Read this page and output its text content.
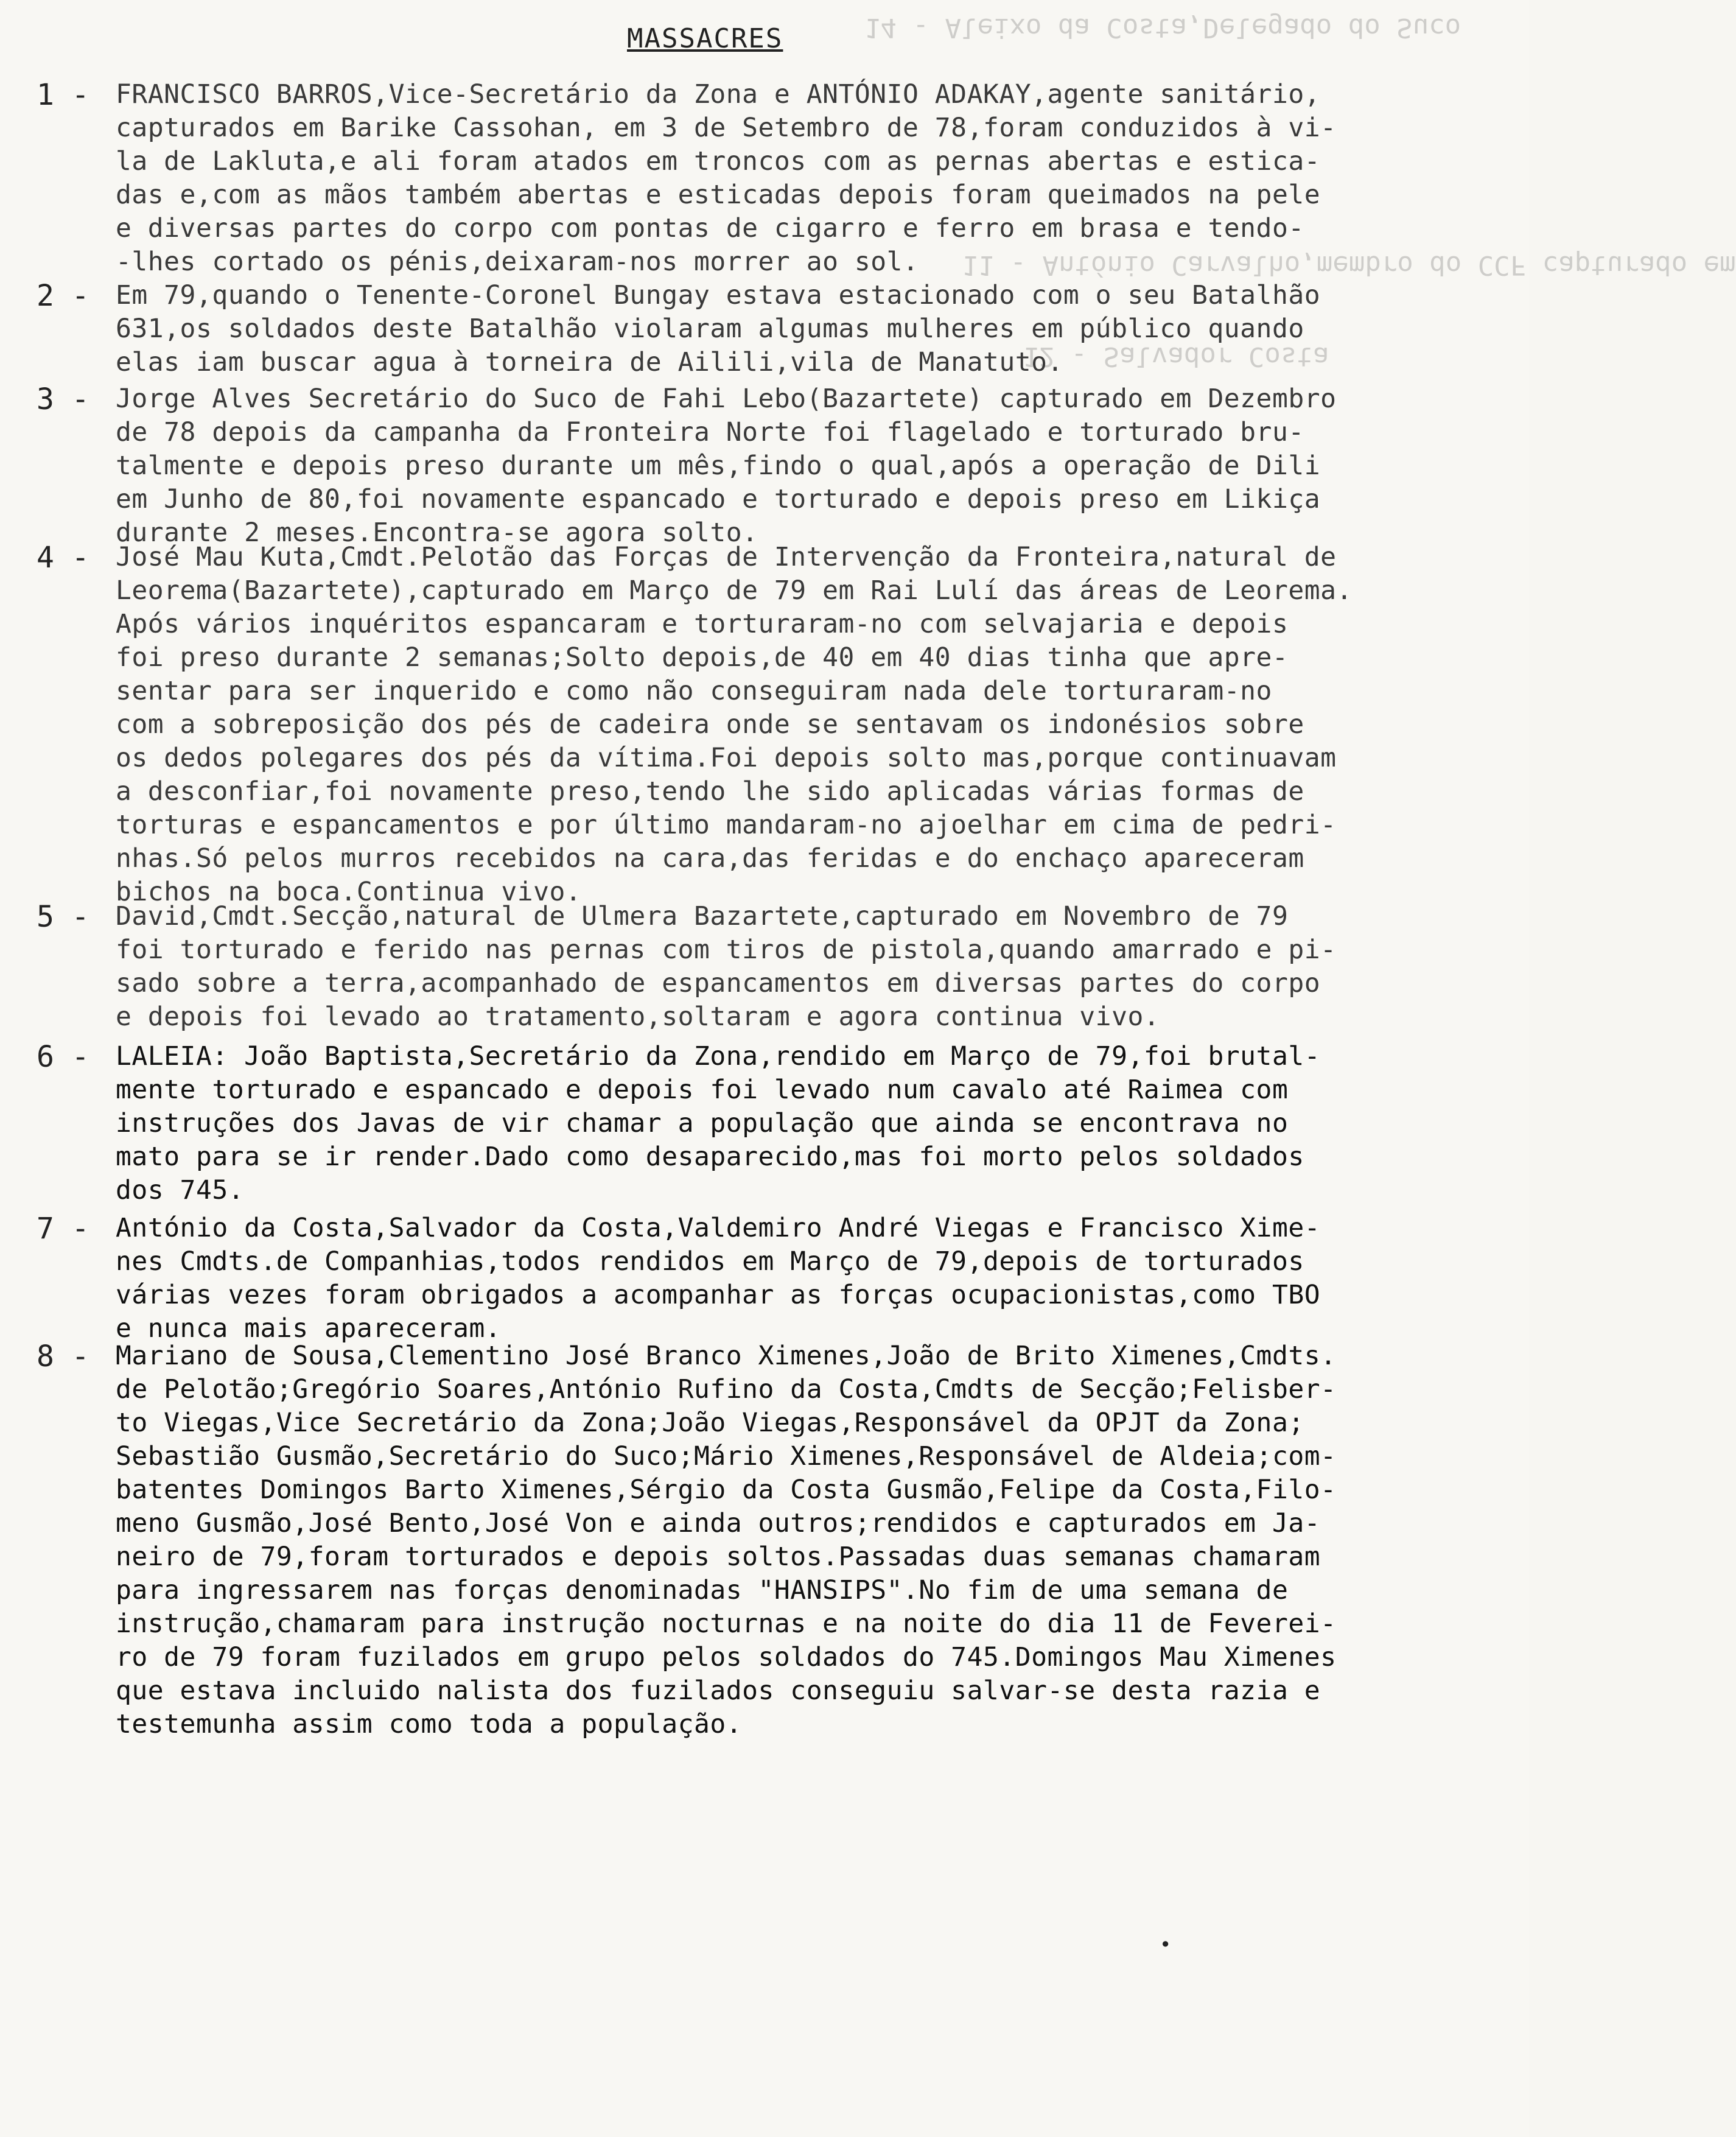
14 - Aleixo da Costa,Delegado do Suco
11 - António Carvalho,membro do CCF capturado em
12 - Salvador Costa
MASSACRES
1 - FRANCISCO BARROS,Vice-Secretário da Zona e ANTÓNIO ADAKAY,agente sanitário,
capturados em Barike Cassohan, em 3 de Setembro de 78,foram conduzidos à vi-
la de Lakluta,e ali foram atados em troncos com as pernas abertas e estica-
das e,com as mãos também abertas e esticadas depois foram queimados na pele
e diversas partes do corpo com pontas de cigarro e ferro em brasa e tendo-
-lhes cortado os pénis,deixaram-nos morrer ao sol.
2 - Em 79,quando o Tenente-Coronel Bungay estava estacionado com o seu Batalhão
631,os soldados deste Batalhão violaram algumas mulheres em público quando
elas iam buscar agua à torneira de Ailili,vila de Manatuto.
3 - Jorge Alves Secretário do Suco de Fahi Lebo(Bazartete) capturado em Dezembro
de 78 depois da campanha da Fronteira Norte foi flagelado e torturado bru-
talmente e depois preso durante um mês,findo o qual,após a operação de Dili
em Junho de 80,foi novamente espancado e torturado e depois preso em Likiça
durante 2 meses.Encontra-se agora solto.
4 - José Mau Kuta,Cmdt.Pelotão das Forças de Intervenção da Fronteira,natural de
Leorema(Bazartete),capturado em Março de 79 em Rai Lulí das áreas de Leorema.
Após vários inquéritos espancaram e torturaram-no com selvajaria e depois
foi preso durante 2 semanas;Solto depois,de 40 em 40 dias tinha que apre-
sentar para ser inquerido e como não conseguiram nada dele torturaram-no
com a sobreposição dos pés de cadeira onde se sentavam os indonésios sobre
os dedos polegares dos pés da vítima.Foi depois solto mas,porque continuavam
a desconfiar,foi novamente preso,tendo lhe sido aplicadas várias formas de
torturas e espancamentos e por último mandaram-no ajoelhar em cima de pedri-
nhas.Só pelos murros recebidos na cara,das feridas e do enchaço apareceram
bichos na boca.Continua vivo.
5 - David,Cmdt.Secção,natural de Ulmera Bazartete,capturado em Novembro de 79
foi torturado e ferido nas pernas com tiros de pistola,quando amarrado e pi-
sado sobre a terra,acompanhado de espancamentos em diversas partes do corpo
e depois foi levado ao tratamento,soltaram e agora continua vivo.
6 - LALEIA: João Baptista,Secretário da Zona,rendido em Março de 79,foi brutal-
mente torturado e espancado e depois foi levado num cavalo até Raimea com
instruções dos Javas de vir chamar a população que ainda se encontrava no
mato para se ir render.Dado como desaparecido,mas foi morto pelos soldados
dos 745.
7 - António da Costa,Salvador da Costa,Valdemiro André Viegas e Francisco Xime-
nes Cmdts.de Companhias,todos rendidos em Março de 79,depois de torturados
várias vezes foram obrigados a acompanhar as forças ocupacionistas,como TBO
e nunca mais apareceram.
8 - Mariano de Sousa,Clementino José Branco Ximenes,João de Brito Ximenes,Cmdts.
de Pelotão;Gregório Soares,António Rufino da Costa,Cmdts de Secção;Felisber-
to Viegas,Vice Secretário da Zona;João Viegas,Responsável da OPJT da Zona;
Sebastião Gusmão,Secretário do Suco;Mário Ximenes,Responsável de Aldeia;com-
batentes Domingos Barto Ximenes,Sérgio da Costa Gusmão,Felipe da Costa,Filo-
meno Gusmão,José Bento,José Von e ainda outros;rendidos e capturados em Ja-
neiro de 79,foram torturados e depois soltos.Passadas duas semanas chamaram
para ingressarem nas forças denominadas "HANSIPS".No fim de uma semana de
instrução,chamaram para instrução nocturnas e na noite do dia 11 de Feverei-
ro de 79 foram fuzilados em grupo pelos soldados do 745.Domingos Mau Ximenes
que estava incluido nalista dos fuzilados conseguiu salvar-se desta razia e
testemunha assim como toda a população.
•
